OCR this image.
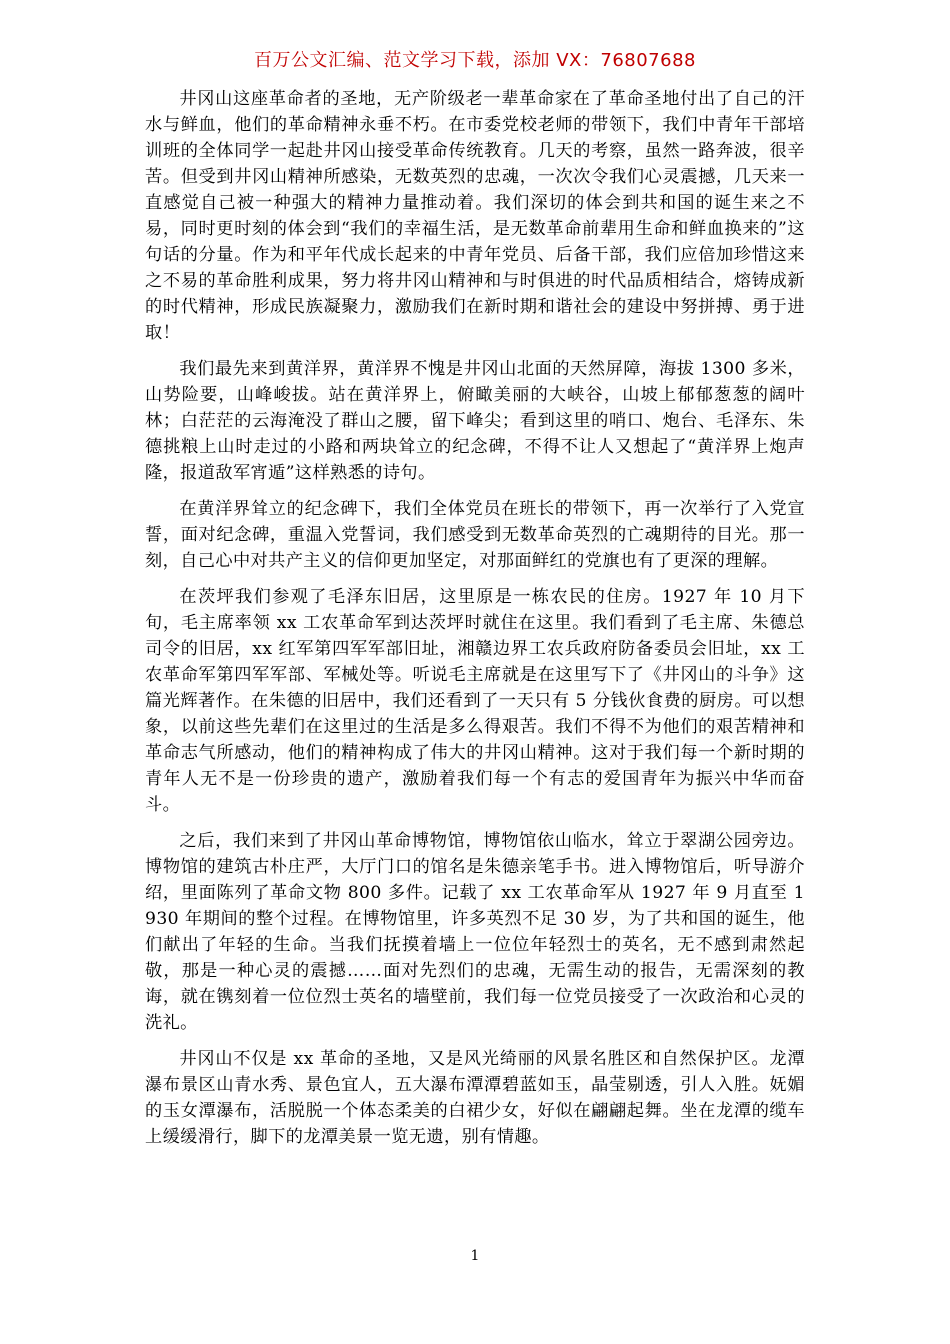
百万公文汇编、范文学习下载，添加 VX：76807688

井冈山这座革命者的圣地，无产阶级老一辈革命家在了革命圣地付出了自己的汗水与鲜血，他们的革命精神永垂不朽。在市委党校老师的带领下，我们中青年干部培训班的全体同学一起赴井冈山接受革命传统教育。几天的考察，虽然一路奔波，很辛苦。但受到井冈山精神所感染，无数英烈的忠魂，一次次令我们心灵震撼，几天来一直感觉自己被一种强大的精神力量推动着。我们深切的体会到共和国的诞生来之不易，同时更时刻的体会到“我们的幸福生活，是无数革命前辈用生命和鲜血换来的”这句话的分量。作为和平年代成长起来的中青年党员、后备干部，我们应倍加珍惜这来之不易的革命胜利成果，努力将井冈山精神和与时俱进的时代品质相结合，熔铸成新的时代精神，形成民族凝聚力，激励我们在新时期和谐社会的建设中努拼搏、勇于进取！

我们最先来到黄洋界，黄洋界不愧是井冈山北面的天然屏障，海拔 1300 多米，山势险要，山峰峻拔。站在黄洋界上，俯瞰美丽的大峡谷，山坡上郁郁葱葱的阔叶林；白茫茫的云海淹没了群山之腰，留下峰尖；看到这里的哨口、炮台、毛泽东、朱德挑粮上山时走过的小路和两块耸立的纪念碑，不得不让人又想起了“黄洋界上炮声隆，报道敌军宵遁”这样熟悉的诗句。

在黄洋界耸立的纪念碑下，我们全体党员在班长的带领下，再一次举行了入党宣誓，面对纪念碑，重温入党誓词，我们感受到无数革命英烈的亡魂期待的目光。那一刻，自己心中对共产主义的信仰更加坚定，对那面鲜红的党旗也有了更深的理解。

在茨坪我们参观了毛泽东旧居，这里原是一栋农民的住房。1927 年 10 月下旬，毛主席率领 xx 工农革命军到达茨坪时就住在这里。我们看到了毛主席、朱德总司令的旧居，xx 红军第四军军部旧址，湘赣边界工农兵政府防备委员会旧址，xx 工农革命军第四军军部、军械处等。听说毛主席就是在这里写下了《井冈山的斗争》这篇光辉著作。在朱德的旧居中，我们还看到了一天只有 5 分钱伙食费的厨房。可以想象，以前这些先辈们在这里过的生活是多么得艰苦。我们不得不为他们的艰苦精神和革命志气所感动，他们的精神构成了伟大的井冈山精神。这对于我们每一个新时期的青年人无不是一份珍贵的遗产，激励着我们每一个有志的爱国青年为振兴中华而奋斗。

之后，我们来到了井冈山革命博物馆，博物馆依山临水，耸立于翠湖公园旁边。博物馆的建筑古朴庄严，大厅门口的馆名是朱德亲笔手书。进入博物馆后，听导游介绍，里面陈列了革命文物 800 多件。记载了 xx 工农革命军从 1927 年 9 月直至 1930 年期间的整个过程。在博物馆里，许多英烈不足 30 岁，为了共和国的诞生，他们献出了年轻的生命。当我们抚摸着墙上一位位年轻烈士的英名，无不感到肃然起敬，那是一种心灵的震撼……面对先烈们的忠魂，无需生动的报告，无需深刻的教诲，就在镌刻着一位位烈士英名的墙壁前，我们每一位党员接受了一次政治和心灵的洗礼。

井冈山不仅是 xx 革命的圣地，又是风光绮丽的风景名胜区和自然保护区。龙潭瀑布景区山青水秀、景色宜人，五大瀑布潭潭碧蓝如玉，晶莹剔透，引人入胜。妩媚的玉女潭瀑布，活脱脱一个体态柔美的白裙少女，好似在翩翩起舞。坐在龙潭的缆车上缓缓滑行，脚下的龙潭美景一览无遗，别有情趣。

1
